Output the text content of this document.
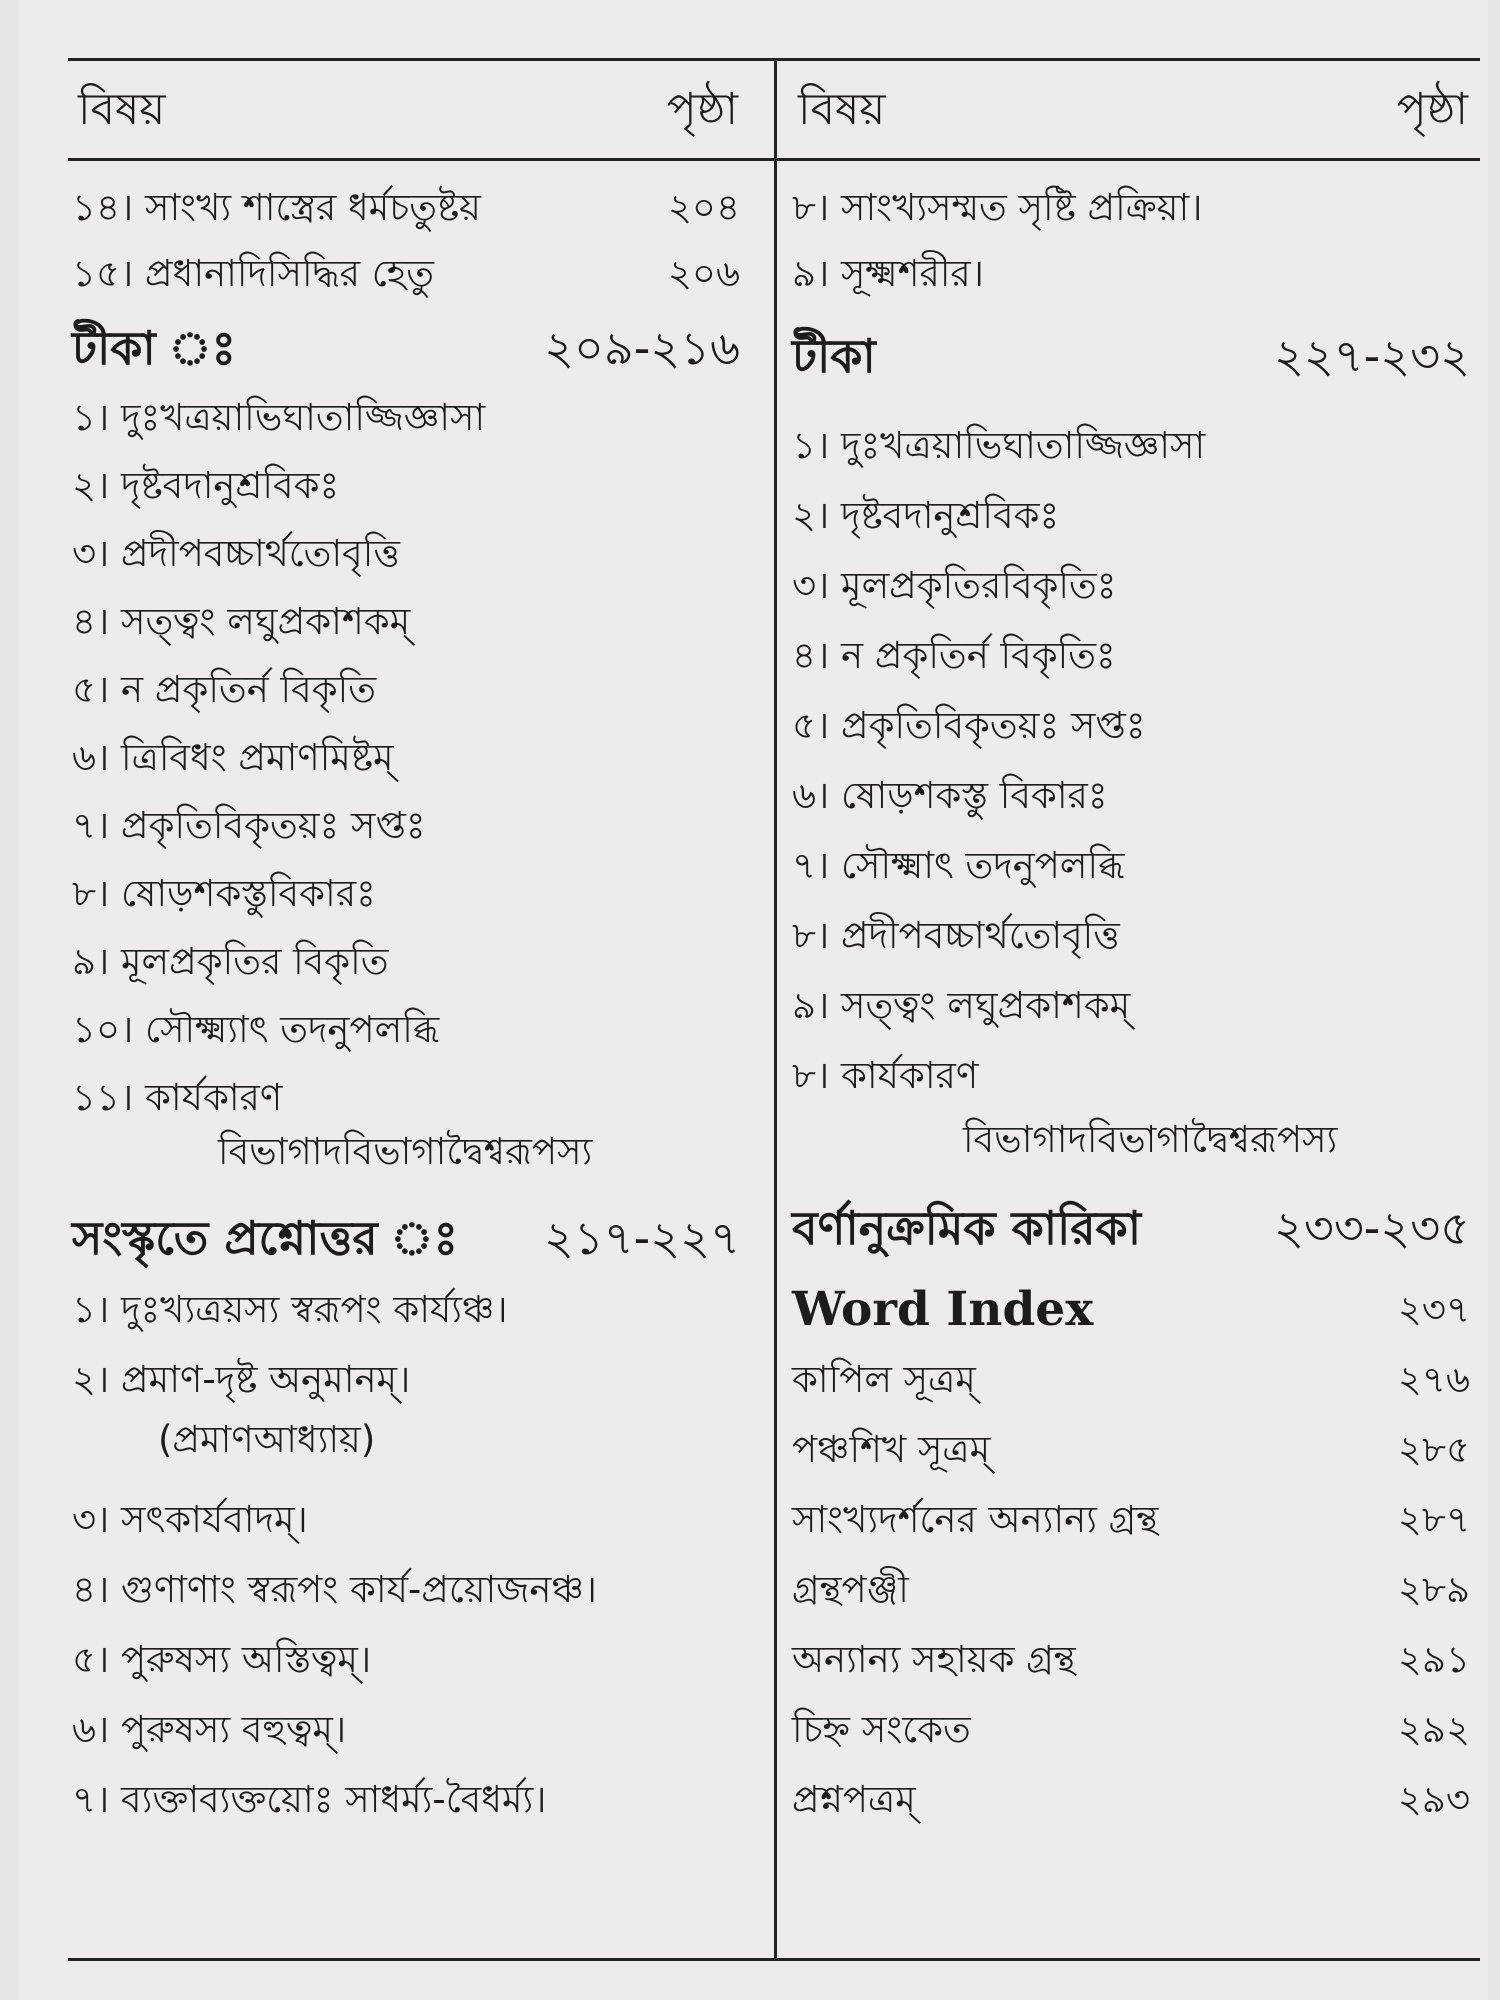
বিষয়	পৃষ্ঠা
১৪। সাংখ্য শাস্ত্রের ধর্মচতুষ্টয়	২০৪
১৫। প্রধানাদিসিদ্ধির হেতু	২০৬
টীকা ঃ	২০৯-২১৬
১। দুঃখত্রয়াভিঘাতাজ্জিজ্ঞাসা
২। দৃষ্টবদানুশ্রবিকঃ
৩। প্রদীপবচ্চার্থতোবৃত্তি
৪। সত্ত্বং লঘুপ্রকাশকম্
৫। ন প্রকৃতির্ন বিকৃতি
৬। ত্রিবিধং প্রমাণমিষ্টম্
৭। প্রকৃতিবিকৃতয়ঃ সপ্তঃ
৮। ষোড়শকস্তুবিকারঃ
৯। মূলপ্রকৃতির বিকৃতি
১০। সৌক্ষ্ম্যাৎ তদনুপলব্ধি
১১। কার্যকারণ
বিভাগাদবিভাগাদ্বৈশ্বরূপস্য
সংস্কৃতে প্রশ্নোত্তর ঃ ২১৭-২২৭
১। দুঃখ্যত্রয়স্য স্বরূপং কার্য্যঞ্চ।
২। প্রমাণ-দৃষ্ট অনুমানম্।
(প্রমাণআধ্যায়)
৩। সৎকার্যবাদম্।
৪। গুণাণাং স্বরূপং কার্য-প্রয়োজনঞ্চ।
৫। পুরুষস্য অস্তিত্বম্।
৬। পুরুষস্য বহুত্বম্।
৭। ব্যক্তাব্যক্তয়োঃ সাধর্ম্য-বৈধর্ম্য।
বিষয়	পৃষ্ঠা
৮। সাংখ্যসম্মত সৃষ্টি প্রক্রিয়া।
৯। সূক্ষ্মশরীর।
টীকা	২২৭-২৩২
১। দুঃখত্রয়াভিঘাতাজ্জিজ্ঞাসা
২। দৃষ্টবদানুশ্রবিকঃ
৩। মূলপ্রকৃতিরবিকৃতিঃ
৪। ন প্রকৃতির্ন বিকৃতিঃ
৫। প্রকৃতিবিকৃতয়ঃ সপ্তঃ
৬। ষোড়শকস্তু বিকারঃ
৭। সৌক্ষ্মাৎ তদনুপলব্ধি
৮। প্রদীপবচ্চার্থতোবৃত্তি
৯। সত্ত্বং লঘুপ্রকাশকম্
৮। কার্যকারণ
বিভাগাদবিভাগাদ্বৈশ্বরূপস্য
বর্ণানুক্রমিক কারিকা	২৩৩-২৩৫
Word Index	২৩৭
কাপিল সূত্রম্	২৭৬
পঞ্চশিখ সূত্রম্	২৮৫
সাংখ্যদর্শনের অন্যান্য গ্রন্থ	২৮৭
গ্রন্থপঞ্জী	২৮৯
অন্যান্য সহায়ক গ্রন্থ	২৯১
চিহ্ন সংকেত	২৯২
প্রশ্নপত্রম্	২৯৩
